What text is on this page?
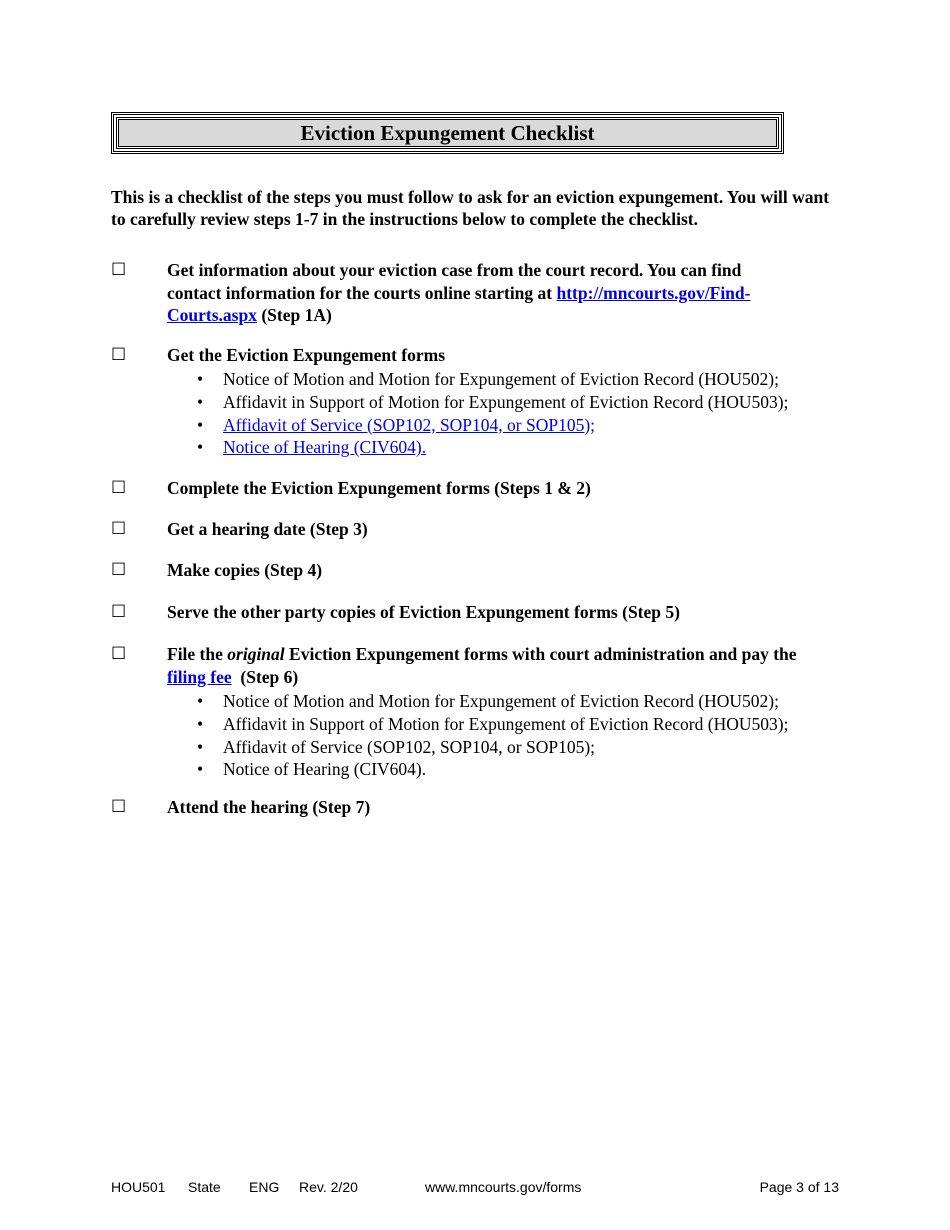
Eviction Expungement Checklist
This is a checklist of the steps you must follow to ask for an eviction expungement. You will want to carefully review steps 1-7 in the instructions below to complete the checklist.
☐ Get information about your eviction case from the court record. You can find
contact information for the courts online starting at http://mncourts.gov/Find-
Courts.aspx (Step 1A)
☐ Get the Eviction Expungement forms
• Notice of Motion and Motion for Expungement of Eviction Record (HOU502);
• Affidavit in Support of Motion for Expungement of Eviction Record (HOU503);
• Affidavit of Service (SOP102, SOP104, or SOP105);
• Notice of Hearing (CIV604).
☐ Complete the Eviction Expungement forms (Steps 1 & 2)
☐ Get a hearing date (Step 3)
☐ Make copies (Step 4)
☐ Serve the other party copies of Eviction Expungement forms (Step 5)
☐ File the original Eviction Expungement forms with court administration and pay the
filing fee  (Step 6)
• Notice of Motion and Motion for Expungement of Eviction Record (HOU502);
• Affidavit in Support of Motion for Expungement of Eviction Record (HOU503);
• Affidavit of Service (SOP102, SOP104, or SOP105);
• Notice of Hearing (CIV604).
☐ Attend the hearing (Step 7)
HOU501 State ENG Rev. 2/20	www.mncourts.gov/forms	Page 3 of 13
